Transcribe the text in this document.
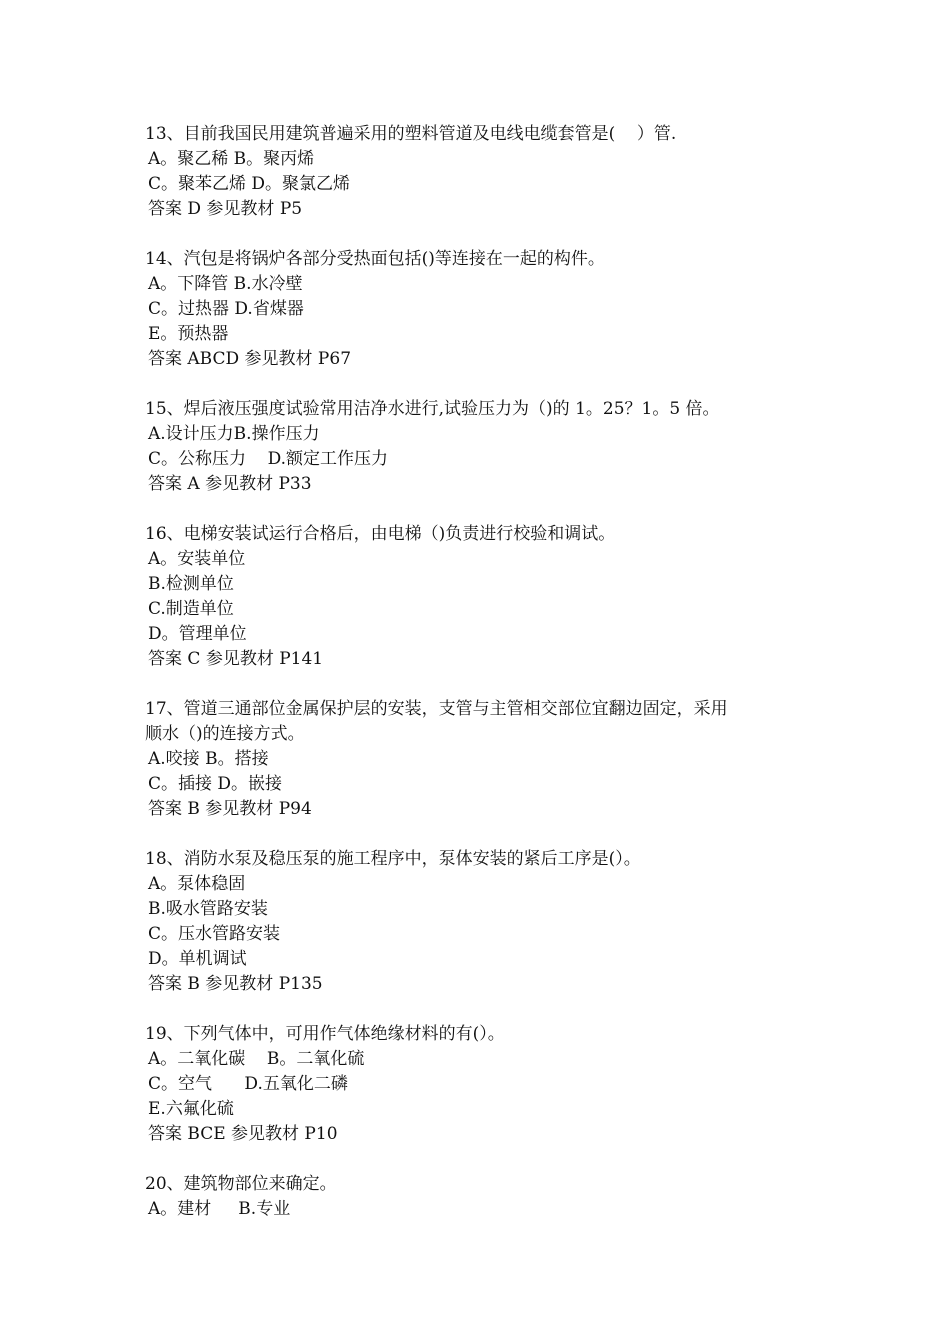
13、目前我国民用建筑普遍采用的塑料管道及电线电缆套管是(    ）管.
A。聚乙稀 B。聚丙烯
C。聚苯乙烯 D。聚氯乙烯
答案 D 参见教材 P5
14、汽包是将锅炉各部分受热面包括()等连接在一起的构件。
A。下降管 B.水冷壁
C。过热器 D.省煤器
E。预热器
答案 ABCD 参见教材 P67
15、焊后液压强度试验常用洁净水进行,试验压力为（)的 1。25？1。5 倍。
A.设计压力B.操作压力
C。公称压力    D.额定工作压力
答案 A 参见教材 P33
16、电梯安装试运行合格后，由电梯（)负责进行校验和调试。
A。安装单位
B.检测单位
C.制造单位
D。管理单位
答案 C 参见教材 P141
17、管道三通部位金属保护层的安装，支管与主管相交部位宜翻边固定，采用
顺水（)的连接方式。
A.咬接 B。搭接
C。插接 D。嵌接
答案 B 参见教材 P94
18、消防水泵及稳压泵的施工程序中，泵体安装的紧后工序是(）。
A。泵体稳固
B.吸水管路安装
C。压水管路安装
D。单机调试
答案 B 参见教材 P135
19、下列气体中，可用作气体绝缘材料的有(）。
A。二氧化碳    B。二氧化硫
C。空气      D.五氧化二磷
E.六氟化硫
答案 BCE 参见教材 P10
20、建筑物部位来确定。
A。建材     B.专业
